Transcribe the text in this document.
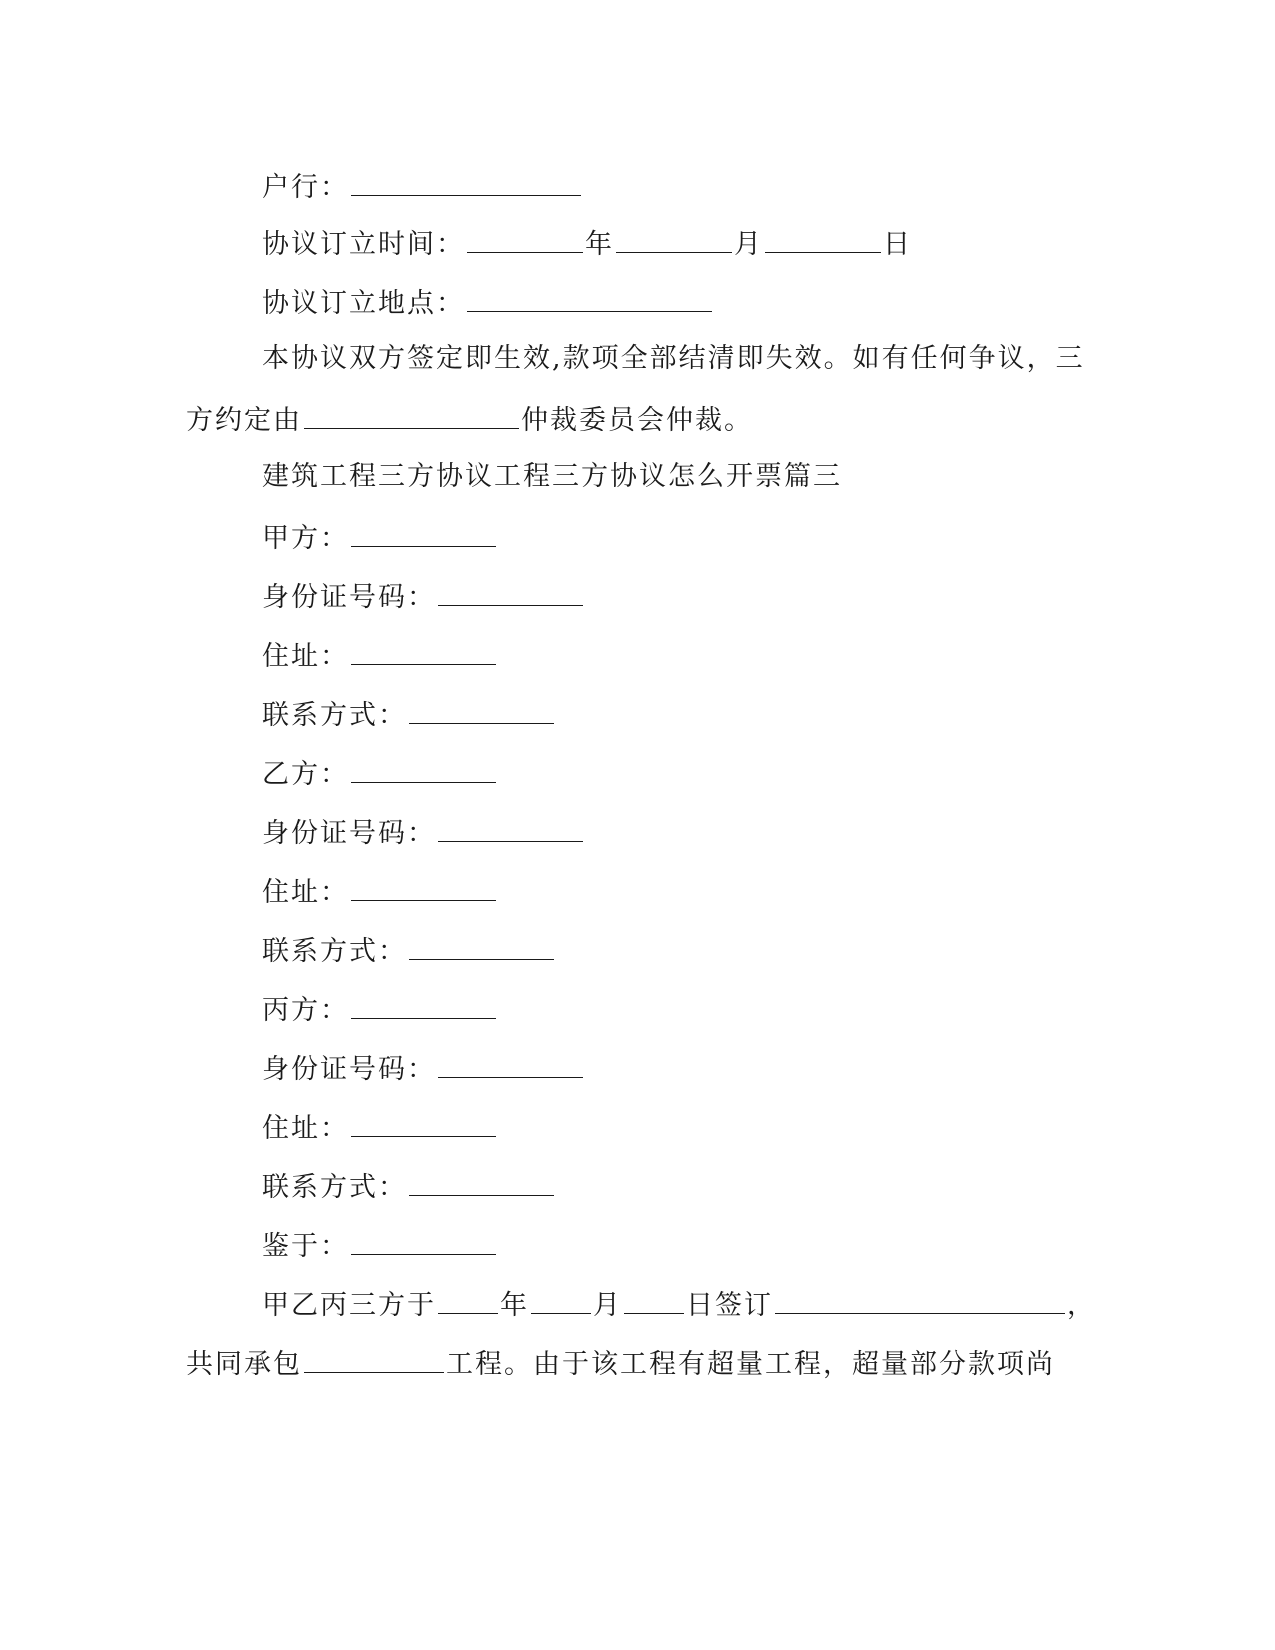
户行：
协议订立时间：	年	月	日
协议订立地点：
本协议双方签定即生效,款项全部结清即失效。如有任何争议，三
方约定由	仲裁委员会仲裁。
建筑工程三方协议工程三方协议怎么开票篇三
甲方：
身份证号码：
住址：
联系方式：
乙方：
身份证号码：
住址：
联系方式：
丙方：
身份证号码：
住址：
联系方式：
鉴于：
甲乙丙三方于 年 月 日签订	，
共同承包	工程。由于该工程有超量工程，超量部分款项尚
